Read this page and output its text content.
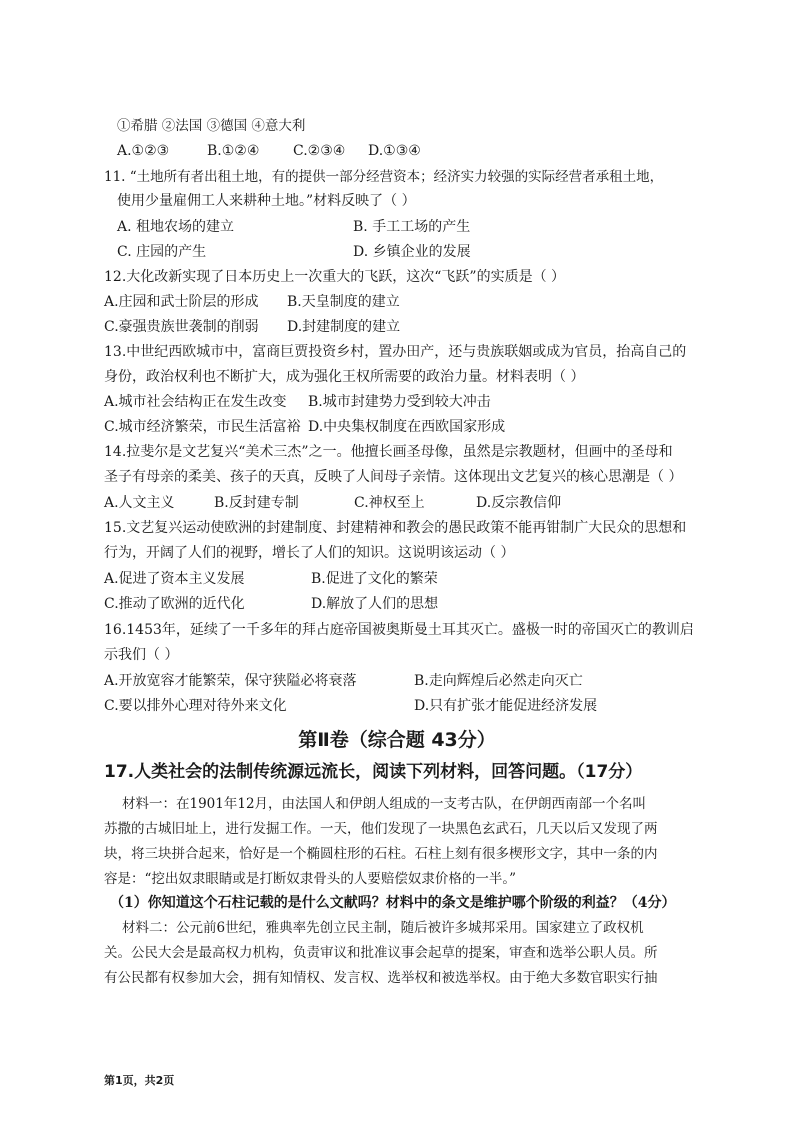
①希腊 ②法国 ③德国 ④意大利
A.①②③	B.①②④ C.②③④ D.①③④
11. “土地所有者出租土地，有的提供一部分经营资本；经济实力较强的实际经营者承租土地，
使用少量雇佣工人来耕种土地。”材料反映了（ ）
A. 租地农场的建立	B. 手工工场的产生
C. 庄园的产生	D. 乡镇企业的发展
12.大化改新实现了日本历史上一次重大的飞跃，这次“飞跃”的实质是（ ）
A.庄园和武士阶层的形成 B.天皇制度的建立
C.豪强贵族世袭制的削弱 D.封建制度的建立
13.中世纪西欧城市中，富商巨贾投资乡村，置办田产，还与贵族联姻或成为官员，抬高自己的
身份，政治权利也不断扩大，成为强化王权所需要的政治力量。材料表明（ ）
A.城市社会结构正在发生改变 B.城市封建势力受到较大冲击
C.城市经济繁荣，市民生活富裕 D.中央集权制度在西欧国家形成
14.拉斐尔是文艺复兴“美术三杰”之一。他擅长画圣母像，虽然是宗教题材，但画中的圣母和
圣子有母亲的柔美、孩子的天真，反映了人间母子亲情。这体现出文艺复兴的核心思潮是（ ）
A.人文主义	B.反封建专制	C.神权至上	D.反宗教信仰
15.文艺复兴运动使欧洲的封建制度、封建精神和教会的愚民政策不能再钳制广大民众的思想和
行为，开阔了人们的视野，增长了人们的知识。这说明该运动（ ）
A.促进了资本主义发展	B.促进了文化的繁荣
C.推动了欧洲的近代化	D.解放了人们的思想
16.1453年，延续了一千多年的拜占庭帝国被奥斯曼土耳其灭亡。盛极一时的帝国灭亡的教训启
示我们（ ）
A.开放宽容才能繁荣，保守狭隘必将衰落	B.走向辉煌后必然走向灭亡
C.要以排外心理对待外来文化	D.只有扩张才能促进经济发展
第Ⅱ卷（综合题 43分）
17.人类社会的法制传统源远流长，阅读下列材料，回答问题。（17分）
材料一：在1901年12月，由法国人和伊朗人组成的一支考古队，在伊朗西南部一个名叫
苏撒的古城旧址上，进行发掘工作。一天，他们发现了一块黑色玄武石，几天以后又发现了两
块，将三块拼合起来，恰好是一个椭圆柱形的石柱。石柱上刻有很多楔形文字，其中一条的内
容是：“挖出奴隶眼睛或是打断奴隶骨头的人要赔偿奴隶价格的一半。”
（1）你知道这个石柱记载的是什么文献吗？材料中的条文是维护哪个阶级的利益？（4分）
材料二：公元前6世纪，雅典率先创立民主制，随后被许多城邦采用。国家建立了政权机
关。公民大会是最高权力机构，负责审议和批准议事会起草的提案，审查和选举公职人员。所
有公民都有权参加大会，拥有知情权、发言权、选举权和被选举权。由于绝大多数官职实行抽
第1页，共2页
